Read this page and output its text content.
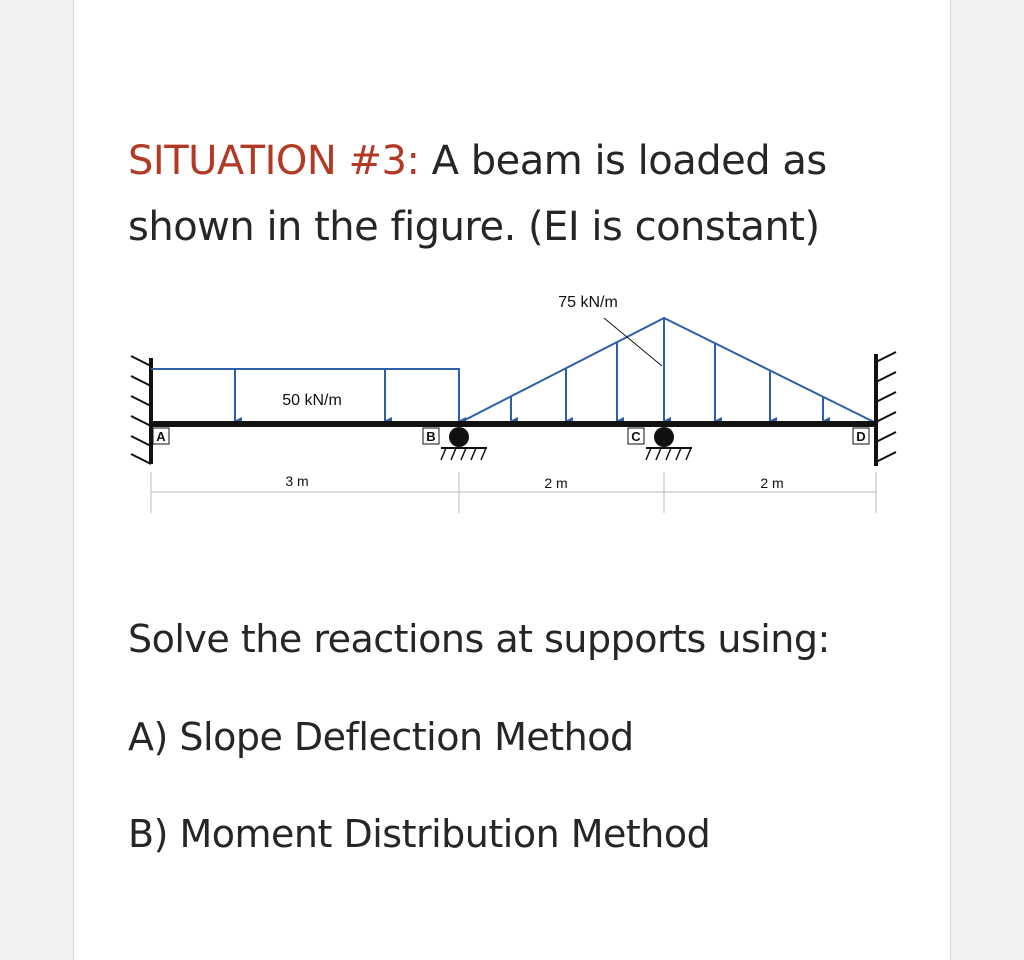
SITUATION #3: A beam is loaded as
shown in the figure. (EI is constant)
A	B	C	D
50 kN/m
75 kN/m
3 m	2 m	2 m
Solve the reactions at supports using:
A) Slope Deflection Method
B) Moment Distribution Method
